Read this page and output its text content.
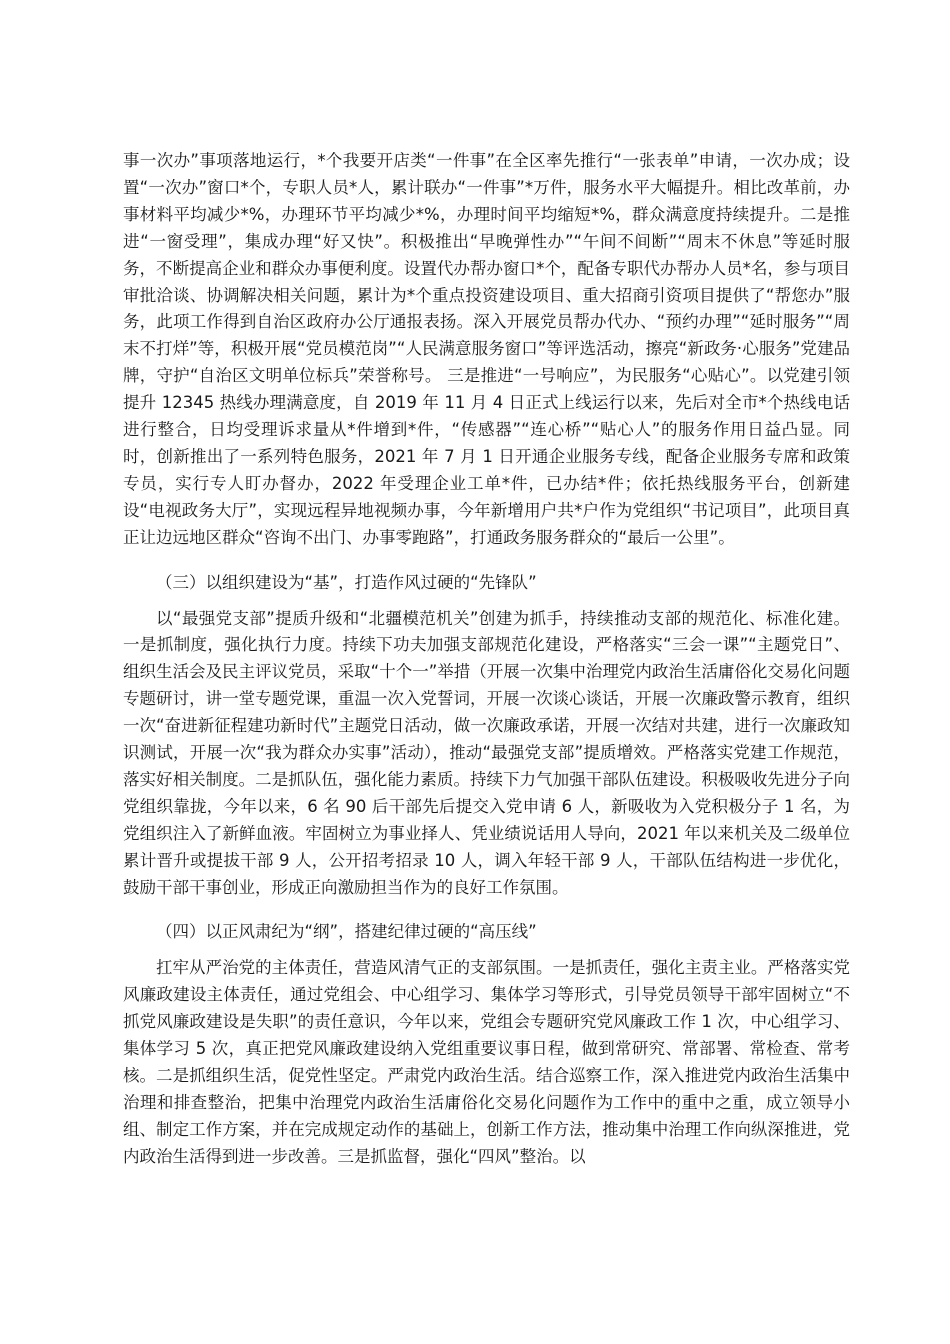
事一次办”事项落地运行，*个我要开店类“一件事”在全区率先推行“一张表单”申请，一次办成；设置“一次办”窗口*个，专职人员*人，累计联办“一件事”*万件，服务水平大幅提升。相比改革前，办事材料平均减少*%，办理环节平均减少*%，办理时间平均缩短*%，群众满意度持续提升。二是推进“一窗受理”，集成办理“好又快”。积极推出“早晚弹性办”“午间不间断”“周末不休息”等延时服务，不断提高企业和群众办事便利度。设置代办帮办窗口*个，配备专职代办帮办人员*名，参与项目审批洽谈、协调解决相关问题，累计为*个重点投资建设项目、重大招商引资项目提供了“帮您办”服务，此项工作得到自治区政府办公厅通报表扬。深入开展党员帮办代办、“预约办理”“延时服务”“周末不打烊”等，积极开展“党员模范岗”“人民满意服务窗口”等评选活动，擦亮“新政务·心服务”党建品牌，守护“自治区文明单位标兵”荣誉称号。 三是推进“一号响应”，为民服务“心贴心”。以党建引领提升 12345 热线办理满意度，自 2019 年 11 月 4 日正式上线运行以来，先后对全市*个热线电话进行整合，日均受理诉求量从*件增到*件，“传感器”“连心桥”“贴心人”的服务作用日益凸显。同时，创新推出了一系列特色服务，2021 年 7 月 1 日开通企业服务专线，配备企业服务专席和政策专员，实行专人盯办督办，2022 年受理企业工单*件，已办结*件；依托热线服务平台，创新建设“电视政务大厅”，实现远程异地视频办事，今年新增用户共*户作为党组织“书记项目”，此项目真正让边远地区群众“咨询不出门、办事零跑路”，打通政务服务群众的“最后一公里”。

（三）以组织建设为“基”，打造作风过硬的“先锋队”

以“最强党支部”提质升级和“北疆模范机关”创建为抓手，持续推动支部的规范化、标准化建。一是抓制度，强化执行力度。持续下功夫加强支部规范化建设，严格落实“三会一课”“主题党日”、组织生活会及民主评议党员，采取“十个一”举措（开展一次集中治理党内政治生活庸俗化交易化问题专题研讨，讲一堂专题党课，重温一次入党誓词，开展一次谈心谈话，开展一次廉政警示教育，组织一次“奋进新征程建功新时代”主题党日活动，做一次廉政承诺，开展一次结对共建，进行一次廉政知识测试，开展一次“我为群众办实事”活动），推动“最强党支部”提质增效。严格落实党建工作规范，落实好相关制度。二是抓队伍，强化能力素质。持续下力气加强干部队伍建设。积极吸收先进分子向党组织靠拢，今年以来，6 名 90 后干部先后提交入党申请 6 人，新吸收为入党积极分子 1 名，为党组织注入了新鲜血液。牢固树立为事业择人、凭业绩说话用人导向，2021 年以来机关及二级单位累计晋升或提拔干部 9 人，公开招考招录 10 人，调入年轻干部 9 人，干部队伍结构进一步优化，鼓励干部干事创业，形成正向激励担当作为的良好工作氛围。

（四）以正风肃纪为“纲”，搭建纪律过硬的“高压线”

扛牢从严治党的主体责任，营造风清气正的支部氛围。一是抓责任，强化主责主业。严格落实党风廉政建设主体责任，通过党组会、中心组学习、集体学习等形式，引导党员领导干部牢固树立“不抓党风廉政建设是失职”的责任意识，今年以来，党组会专题研究党风廉政工作 1 次，中心组学习、集体学习 5 次，真正把党风廉政建设纳入党组重要议事日程，做到常研究、常部署、常检查、常考核。二是抓组织生活，促党性坚定。严肃党内政治生活。结合巡察工作，深入推进党内政治生活集中治理和排查整治，把集中治理党内政治生活庸俗化交易化问题作为工作中的重中之重，成立领导小组、制定工作方案，并在完成规定动作的基础上，创新工作方法，推动集中治理工作向纵深推进，党内政治生活得到进一步改善。三是抓监督，强化“四风”整治。以
